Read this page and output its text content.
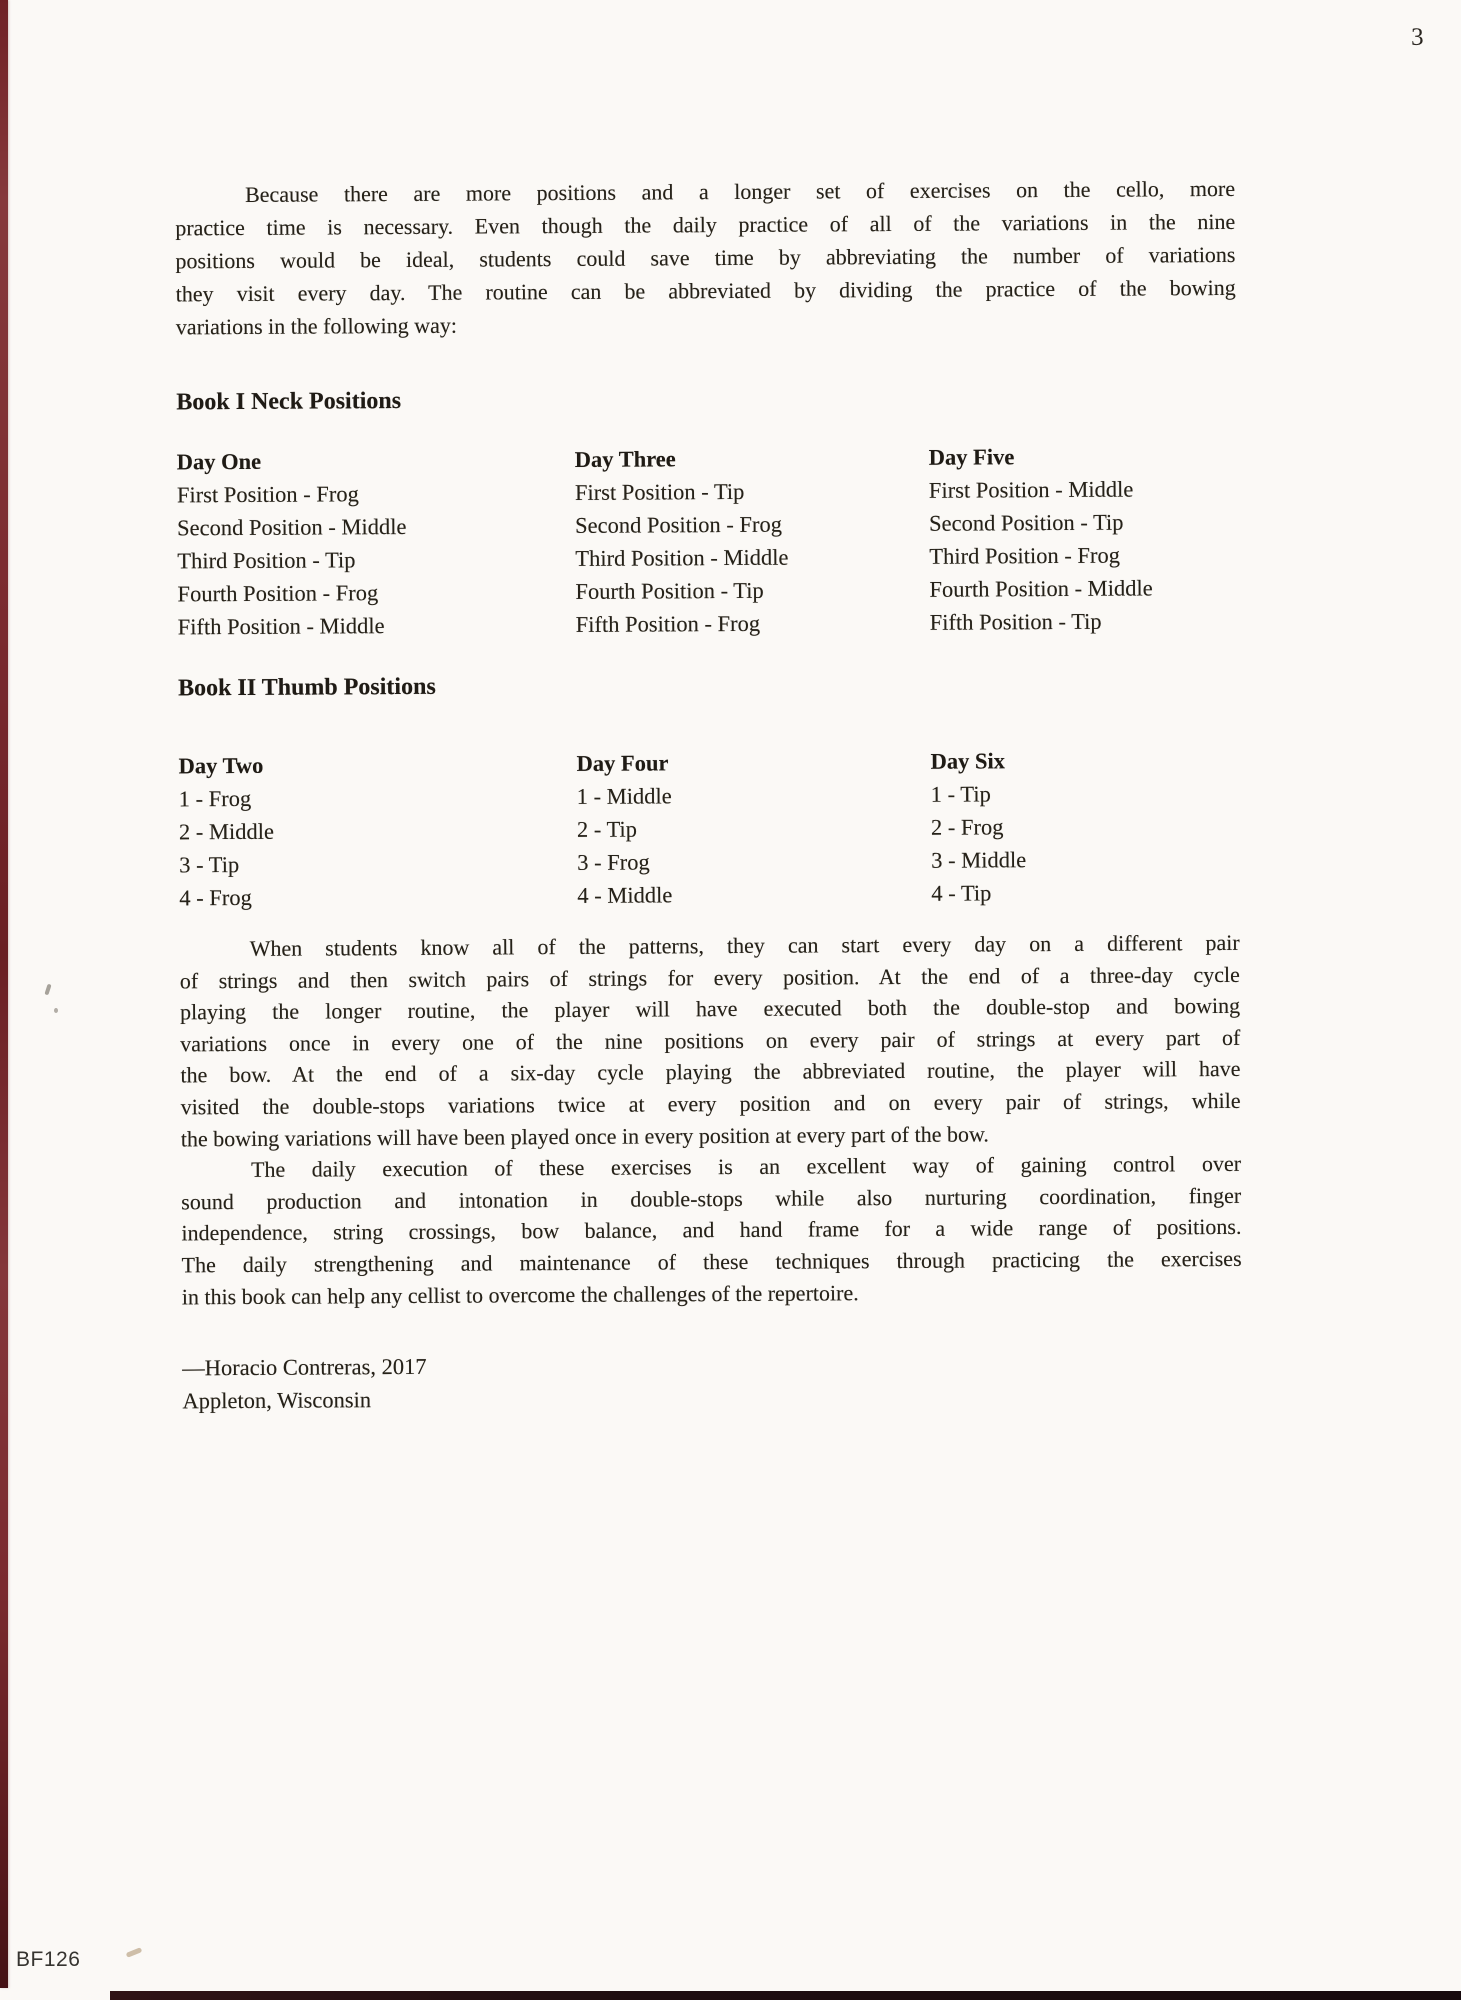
3
Because there are more positions and a longer set of exercises on the cello, more
practice time is necessary. Even though the daily practice of all of the variations in the nine
positions would be ideal, students could save time by abbreviating the number of variations
they visit every day. The routine can be abbreviated by dividing the practice of the bowing
variations in the following way:
Book I Neck Positions
Day One
First Position - Frog
Second Position - Middle
Third Position - Tip
Fourth Position - Frog
Fifth Position - Middle
Day Three
First Position - Tip
Second Position - Frog
Third Position - Middle
Fourth Position - Tip
Fifth Position - Frog
Day Five
First Position - Middle
Second Position - Tip
Third Position - Frog
Fourth Position - Middle
Fifth Position - Tip
Book II Thumb Positions
Day Two
1 - Frog
2 - Middle
3 - Tip
4 - Frog
Day Four
1 - Middle
2 - Tip
3 - Frog
4 - Middle
Day Six
1 - Tip
2 - Frog
3 - Middle
4 - Tip
When students know all of the patterns, they can start every day on a different pair
of strings and then switch pairs of strings for every position. At the end of a three-day cycle
playing the longer routine, the player will have executed both the double-stop and bowing
variations once in every one of the nine positions on every pair of strings at every part of
the bow. At the end of a six-day cycle playing the abbreviated routine, the player will have
visited the double-stops variations twice at every position and on every pair of strings, while
the bowing variations will have been played once in every position at every part of the bow.
The daily execution of these exercises is an excellent way of gaining control over
sound production and intonation in double-stops while also nurturing coordination, finger
independence, string crossings, bow balance, and hand frame for a wide range of positions.
The daily strengthening and maintenance of these techniques through practicing the exercises
in this book can help any cellist to overcome the challenges of the repertoire.
—Horacio Contreras, 2017
Appleton, Wisconsin
BF126
